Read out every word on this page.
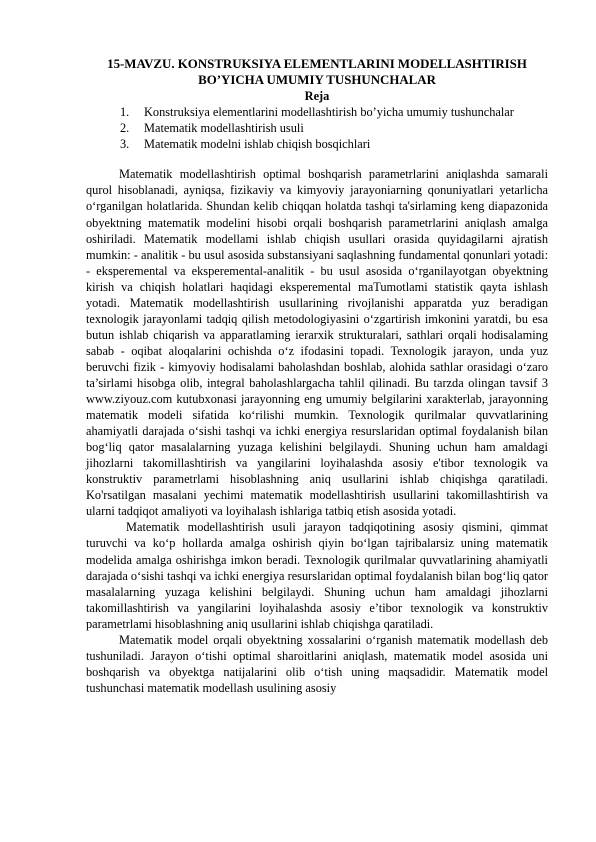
15-MAVZU. KONSTRUKSIYA ELEMENTLARINI MODELLASHTIRISH
BO’YICHA UMUMIY TUSHUNCHALAR
Reja
1.	Konstruksiya elementlarini modellashtirish bo’yicha umumiy tushunchalar
2.	Matematik modellashtirish usuli
3.	Matematik modelni ishlab chiqish bosqichlari

Matematik modellashtirish optimal boshqarish parametrlarini aniqlashda samarali qurol hisoblanadi, ayniqsa, fizikaviy va kimyoviy jarayoniarning qonuniyatlari yetarlicha o‘rganilgan holatlarida. Shundan kelib chiqqan holatda tashqi ta'sirlaming keng diapazonida obyektning matematik modelini hisobi orqali boshqarish parametrlarini aniqlash amalga oshiriladi. Matematik modellami ishlab chiqish usullari orasida quyidagilarni ajratish mumkin: - analitik - bu usul asosida substansiyani saqlashning fundamental qonunlari yotadi: - eksperemental va eksperemental-analitik - bu usul asosida o‘rganilayotgan obyektning kirish va chiqish holatlari haqidagi eksperemental maTumotlami statistik qayta ishlash yotadi. Matematik modellashtirish usullarining rivojlanishi apparatda yuz beradigan texnologik jarayonlami tadqiq qilish metodologiyasini o‘zgartirish imkonini yaratdi, bu esa butun ishlab chiqarish va apparatlaming ierarxik strukturalari, sathlari orqali hodisalaming sabab - oqibat aloqalarini ochishda o‘z ifodasini topadi. Texnologik jarayon, unda yuz beruvchi fizik - kimyoviy hodisalami baholashdan boshlab, alohida sathlar orasidagi o‘zaro ta’sirlami hisobga olib, integral baholashlargacha tahlil qilinadi. Bu tarzda olingan tavsif 3 www.ziyouz.com kutubxonasi jarayonning eng umumiy belgilarini xarakterlab, jarayonning matematik modeli sifatida ko‘rilishi mumkin. Texnologik qurilmalar quvvatlarining ahamiyatli darajada o‘sishi tashqi va ichki energiya resurslaridan optimal foydalanish bilan bog‘liq qator masalalarning yuzaga kelishini belgilaydi. Shuning uchun ham amaldagi jihozlarni takomillashtirish va yangilarini loyihalashda asosiy e'tibor texnologik va konstruktiv parametrlami hisoblashning aniq usullarini ishlab chiqishga qaratiladi. Ko'rsatilgan masalani yechimi matematik modellashtirish usullarini takomillashtirish va ularni tadqiqot amaliyoti va loyihalash ishlariga tatbiq etish asosida yotadi.

Matematik modellashtirish usuli jarayon tadqiqotining asosiy qismini, qimmat turuvchi va ko‘p hollarda amalga oshirish qiyin bo‘lgan tajribalarsiz uning matematik modelida amalga oshirishga imkon beradi. Texnologik qurilmalar quvvatlarining ahamiyatli darajada o‘sishi tashqi va ichki energiya resurslaridan optimal foydalanish bilan bog‘liq qator masalalarning yuzaga kelishini belgilaydi. Shuning uchun ham amaldagi jihozlarni takomillashtirish va yangilarini loyihalashda asosiy e’tibor texnologik va konstruktiv parametrlami hisoblashning aniq usullarini ishlab chiqishga qaratiladi.

Matematik model orqali obyektning xossalarini o‘rganish matematik modellash deb tushuniladi. Jarayon o‘tishi optimal sharoitlarini aniqlash, matematik model asosida uni boshqarish va obyektga natijalarini olib o‘tish uning maqsadidir. Matematik model tushunchasi matematik modellash usulining asosiy
